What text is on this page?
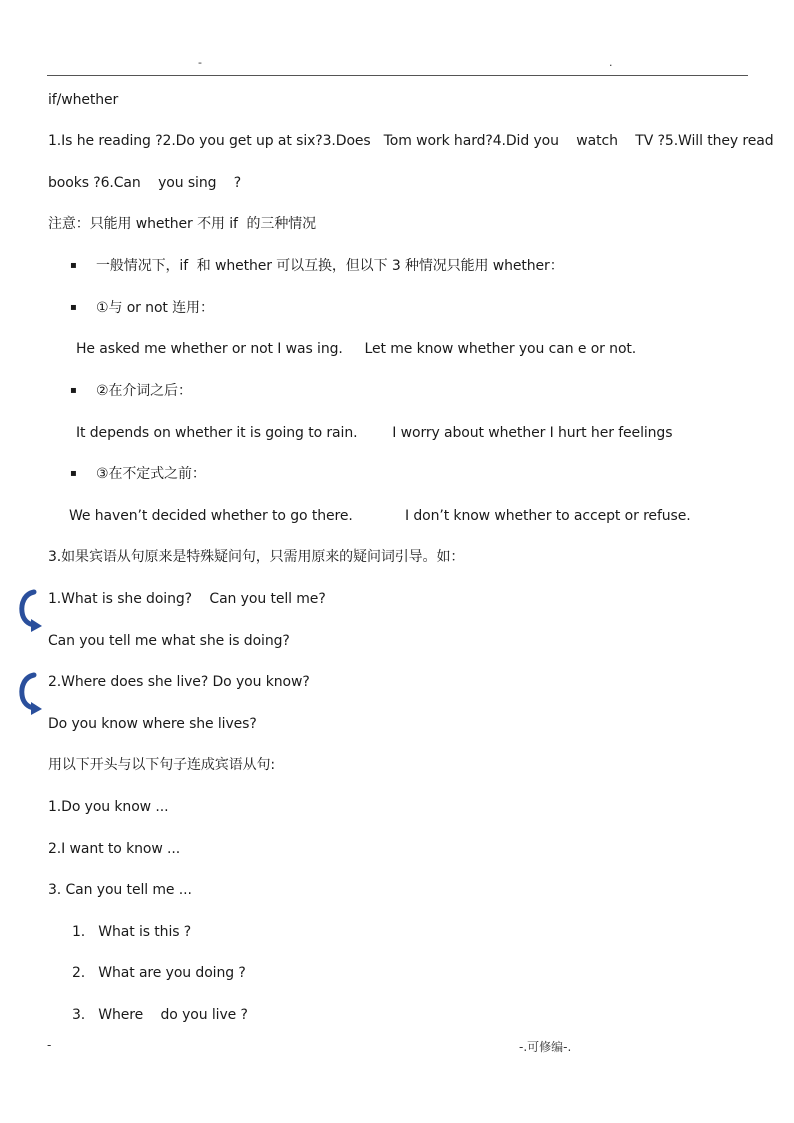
-	.
if/whether
1.Is he reading ?2.Do you get up at six?3.Does   Tom work hard?4.Did you    watch    TV ?5.Will they read
books ?6.Can    you sing    ?
注意：只能用 whether 不用 if  的三种情况
▪ 一般情况下，if  和 whether 可以互换，但以下 3 种情况只能用 whether：
▪ ①与 or not 连用：
He asked me whether or not I was ing.     Let me know whether you can e or not.
▪ ②在介词之后：
It depends on whether it is going to rain.        I worry about whether I hurt her feelings
▪ ③在不定式之前：
We haven’t decided whether to go there.            I don’t know whether to accept or refuse.
3.如果宾语从句原来是特殊疑问句，只需用原来的疑问词引导。如：
1.What is she doing?    Can you tell me?
Can you tell me what she is doing?
2.Where does she live? Do you know?
Do you know where she lives?
用以下开头与以下句子连成宾语从句:
1.Do you know ...
2.I want to know ...
3. Can you tell me ...
1.   What is this ?
2.   What are you doing ?
3.   Where    do you live ?
-	-.可修编-.
